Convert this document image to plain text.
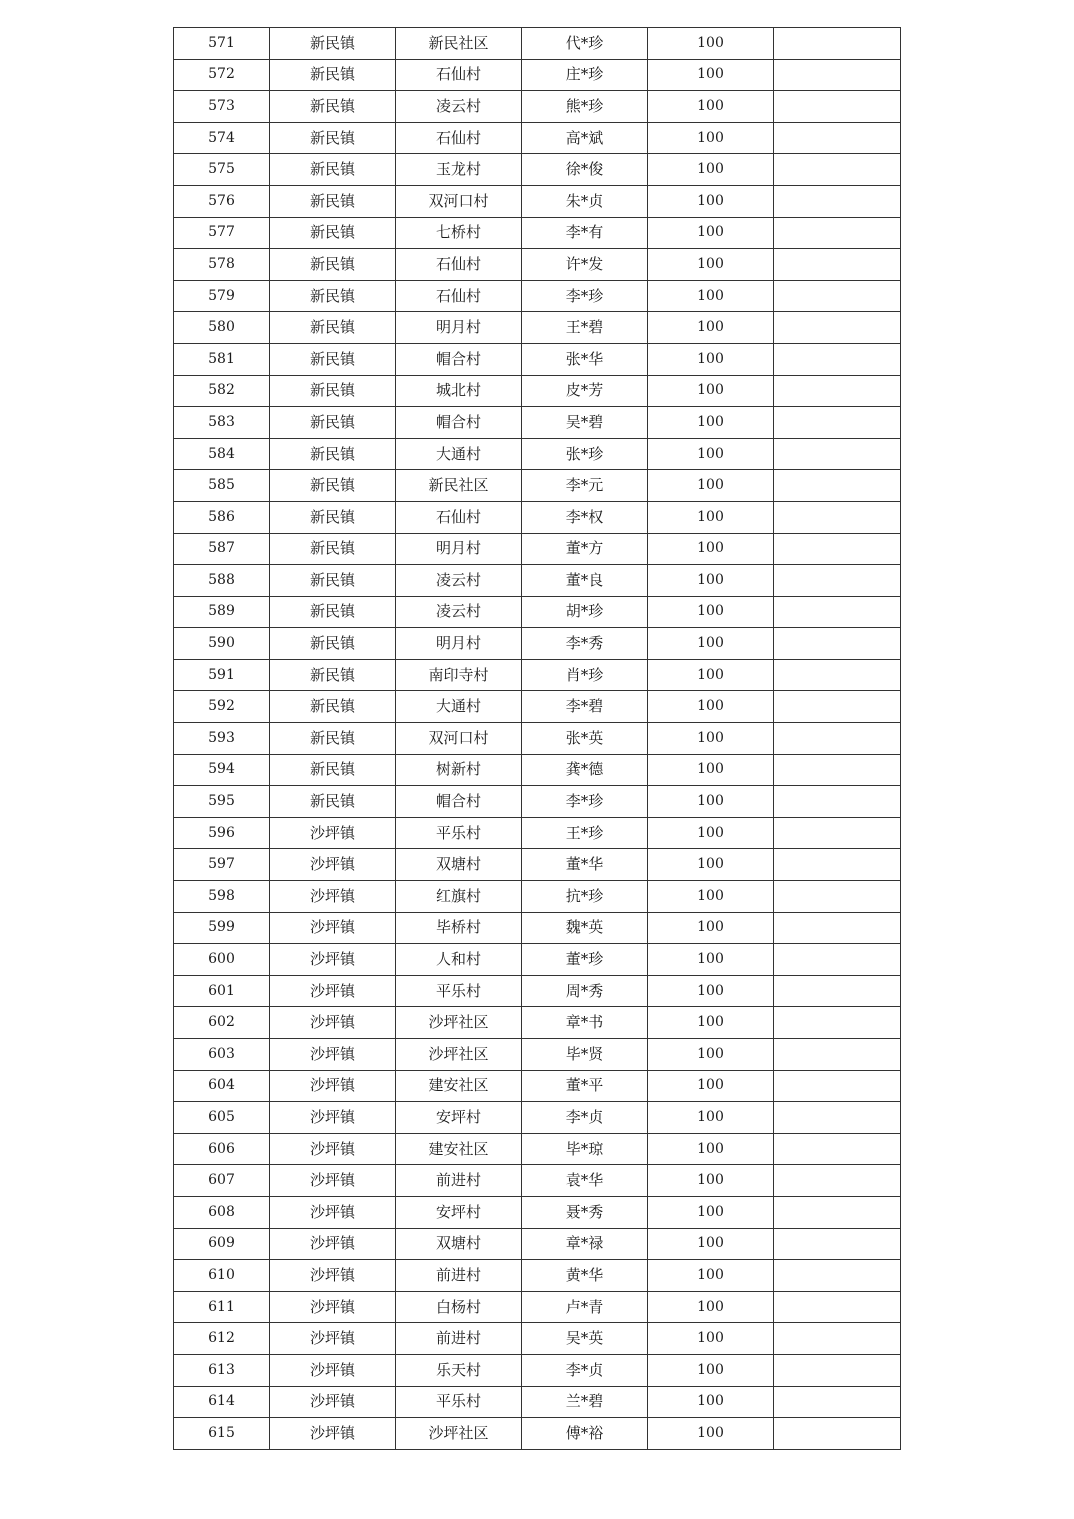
571	新民镇	新民社区	代*珍	100	
572	新民镇	石仙村	庄*珍	100	
573	新民镇	凌云村	熊*珍	100	
574	新民镇	石仙村	高*斌	100	
575	新民镇	玉龙村	徐*俊	100	
576	新民镇	双河口村	朱*贞	100	
577	新民镇	七桥村	李*有	100	
578	新民镇	石仙村	许*发	100	
579	新民镇	石仙村	李*珍	100	
580	新民镇	明月村	王*碧	100	
581	新民镇	帽合村	张*华	100	
582	新民镇	城北村	皮*芳	100	
583	新民镇	帽合村	吴*碧	100	
584	新民镇	大通村	张*珍	100	
585	新民镇	新民社区	李*元	100	
586	新民镇	石仙村	李*权	100	
587	新民镇	明月村	董*方	100	
588	新民镇	凌云村	董*良	100	
589	新民镇	凌云村	胡*珍	100	
590	新民镇	明月村	李*秀	100	
591	新民镇	南印寺村	肖*珍	100	
592	新民镇	大通村	李*碧	100	
593	新民镇	双河口村	张*英	100	
594	新民镇	树新村	龚*德	100	
595	新民镇	帽合村	李*珍	100	
596	沙坪镇	平乐村	王*珍	100	
597	沙坪镇	双塘村	董*华	100	
598	沙坪镇	红旗村	抗*珍	100	
599	沙坪镇	毕桥村	魏*英	100	
600	沙坪镇	人和村	董*珍	100	
601	沙坪镇	平乐村	周*秀	100	
602	沙坪镇	沙坪社区	章*书	100	
603	沙坪镇	沙坪社区	毕*贤	100	
604	沙坪镇	建安社区	董*平	100	
605	沙坪镇	安坪村	李*贞	100	
606	沙坪镇	建安社区	毕*琼	100	
607	沙坪镇	前进村	袁*华	100	
608	沙坪镇	安坪村	聂*秀	100	
609	沙坪镇	双塘村	章*禄	100	
610	沙坪镇	前进村	黄*华	100	
611	沙坪镇	白杨村	卢*青	100	
612	沙坪镇	前进村	吴*英	100	
613	沙坪镇	乐天村	李*贞	100	
614	沙坪镇	平乐村	兰*碧	100	
615	沙坪镇	沙坪社区	傅*裕	100	
